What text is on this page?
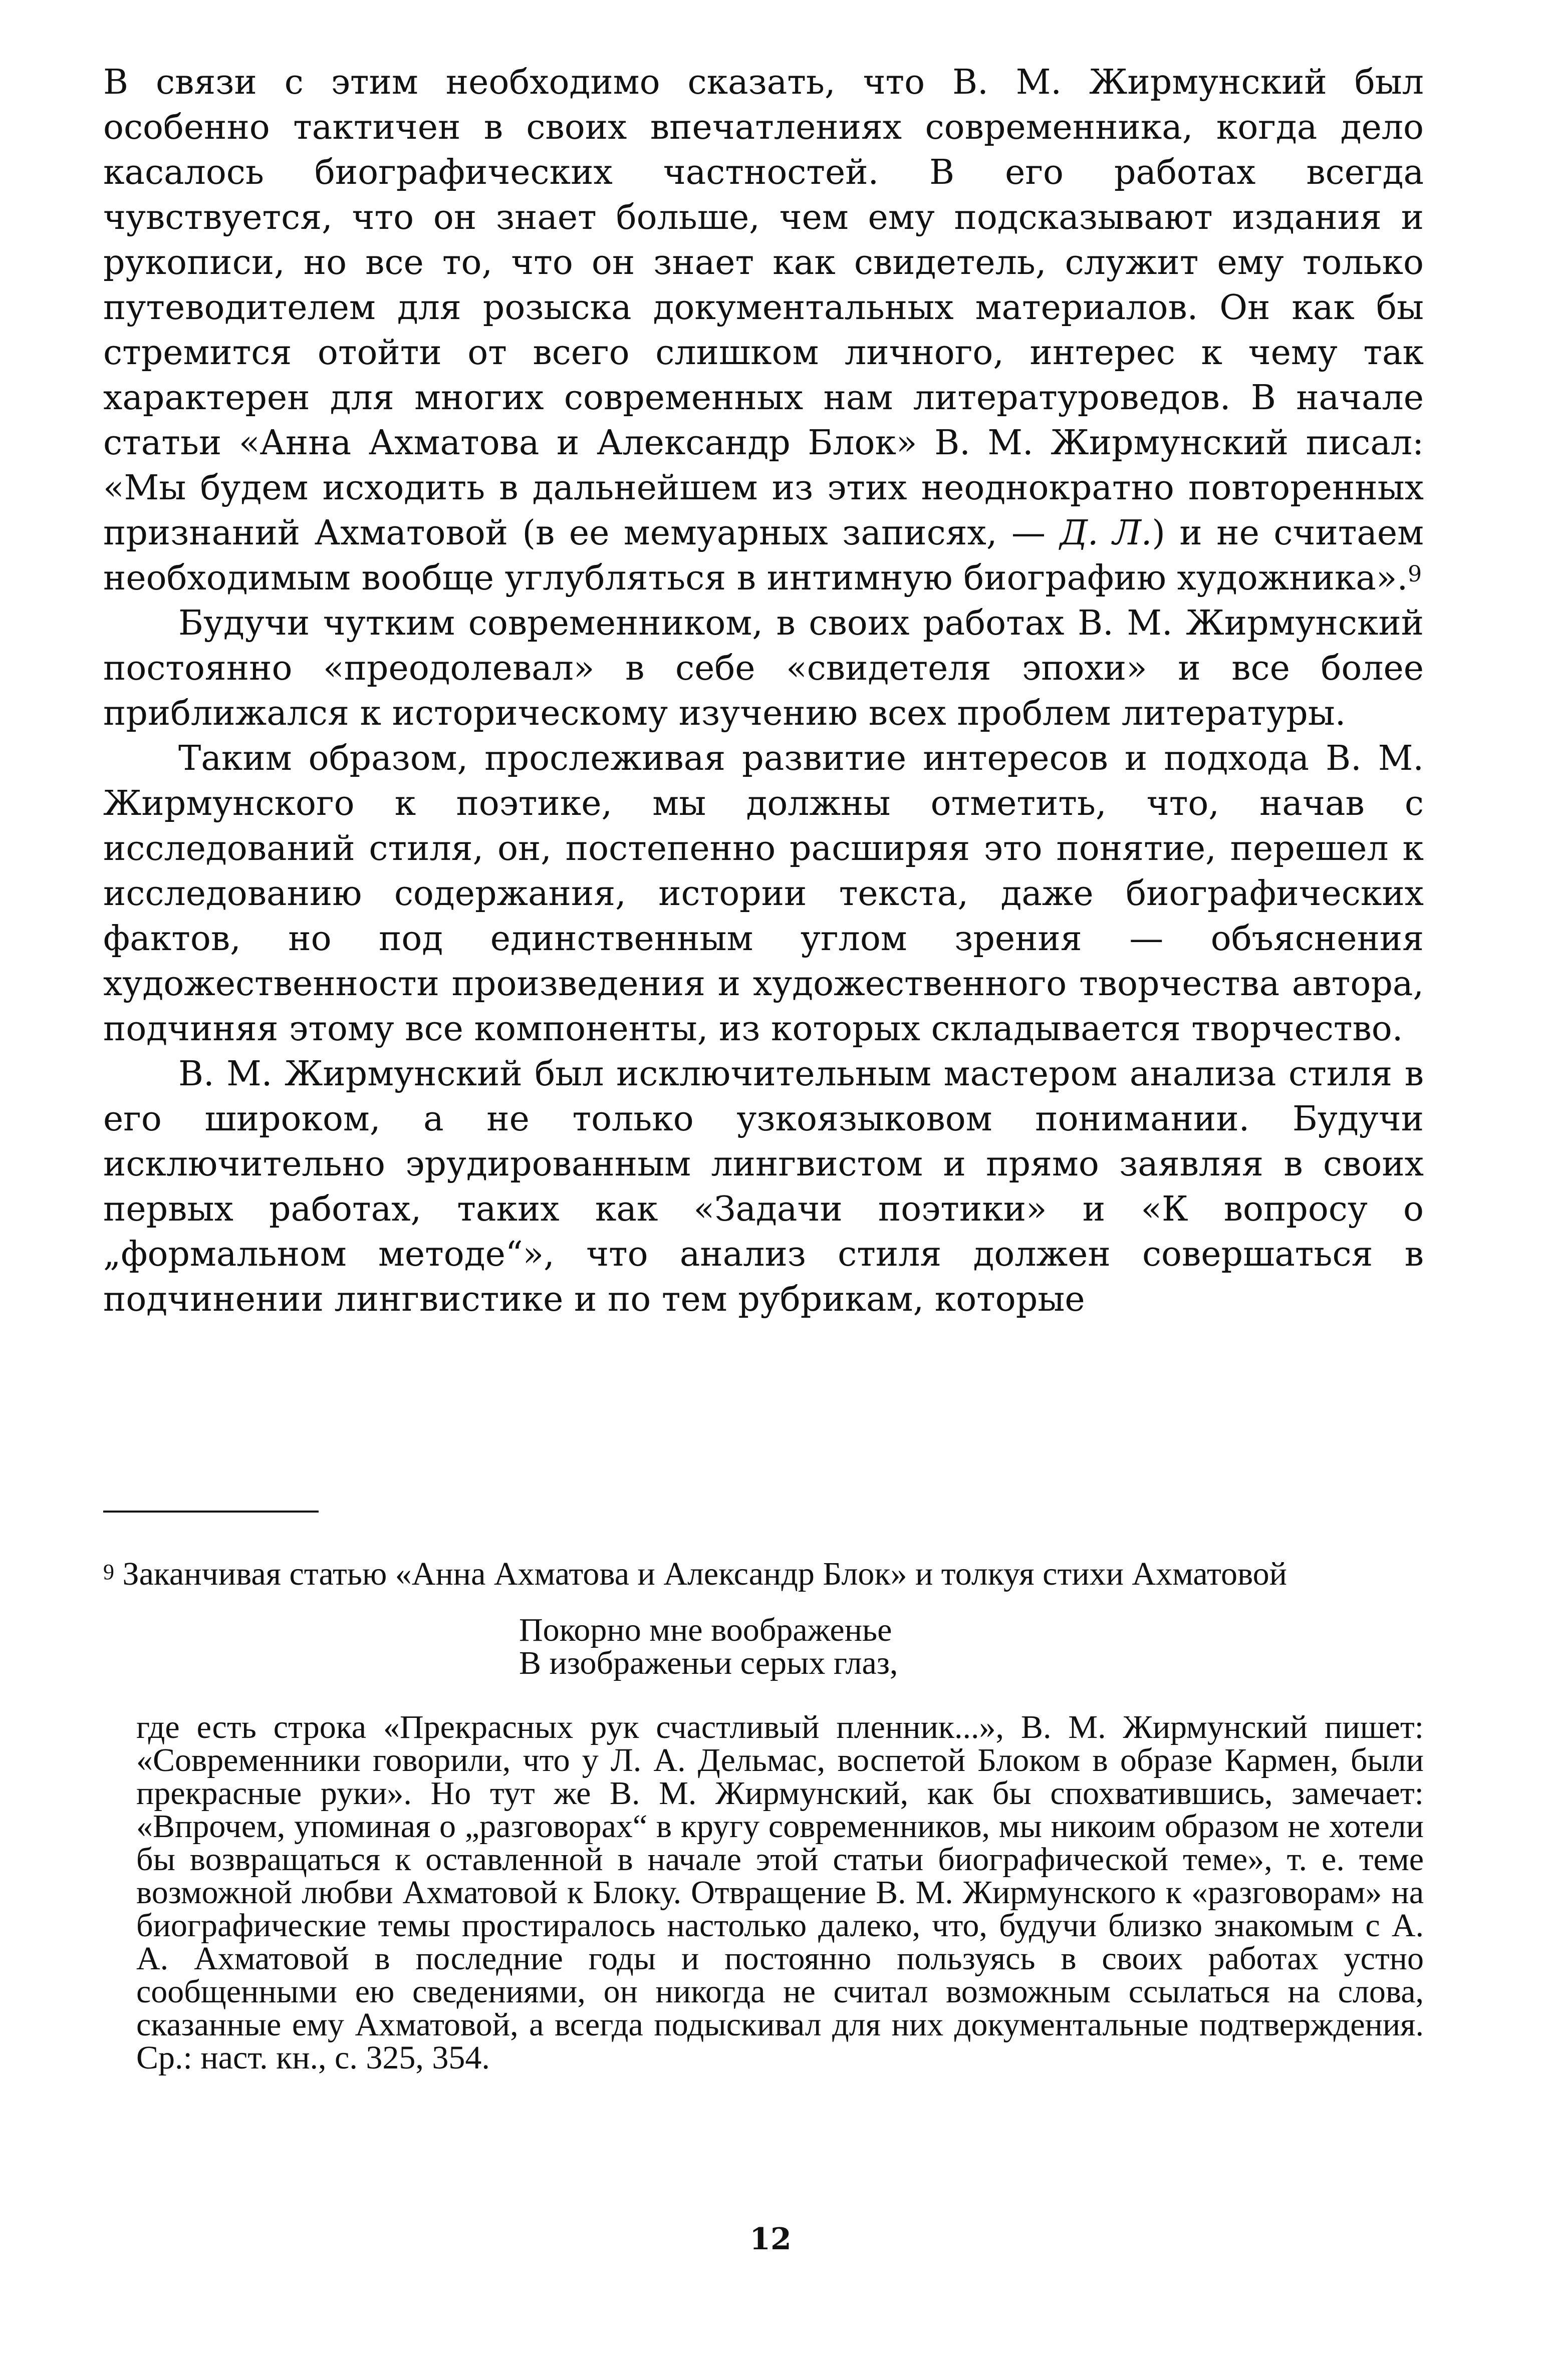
В связи с этим необходимо сказать, что В. М. Жирмунский был особенно тактичен в своих впечатлениях современника, когда дело касалось биографических частностей. В его работах всегда чувствуется, что он знает больше, чем ему подсказывают издания и рукописи, но все то, что он знает как свидетель, служит ему только путеводителем для розыска документальных материалов. Он как бы стремится отойти от всего слишком личного, интерес к чему так характерен для многих современных нам литературоведов. В начале статьи «Анна Ахматова и Александр Блок» В. М. Жирмунский писал: «Мы будем исходить в дальнейшем из этих неоднократно повторенных признаний Ахматовой (в ее мемуарных записях, — Д. Л.) и не считаем необходимым вообще углубляться в интимную биографию художника».$^9$

Будучи чутким современником, в своих работах В. М. Жирмунский постоянно «преодолевал» в себе «свидетеля эпохи» и все более приближался к историческому изучению всех проблем литературы.

Таким образом, прослеживая развитие интересов и подхода В. М. Жирмунского к поэтике, мы должны отметить, что, начав с исследований стиля, он, постепенно расширяя это понятие, перешел к исследованию содержания, истории текста, даже биографических фактов, но под единственным углом зрения — объяснения художественности произведения и художественного творчества автора, подчиняя этому все компоненты, из которых складывается творчество.

В. М. Жирмунский был исключительным мастером анализа стиля в его широком, а не только узкоязыковом понимании. Будучи исключительно эрудированным лингвистом и прямо заявляя в своих первых работах, таких как «Задачи поэтики» и «К вопросу о „формальном методе“», что анализ стиля должен совершаться в подчинении лингвистике и по тем рубрикам, которые

$^9$ Заканчивая статью «Анна Ахматова и Александр Блок» и толкуя стихи Ахматовой

Покорно мне воображенье
В изображеньи серых глаз,

где есть строка «Прекрасных рук счастливый пленник...», В. М. Жирмунский пишет: «Современники говорили, что у Л. А. Дельмас, воспетой Блоком в образе Кармен, были прекрасные руки». Но тут же В. М. Жирмунский, как бы спохватившись, замечает: «Впрочем, упоминая о „разговорах“ в кругу современников, мы никоим образом не хотели бы возвращаться к оставленной в начале этой статьи биографической теме», т. е. теме возможной любви Ахматовой к Блоку. Отвращение В. М. Жирмунского к «разговорам» на биографические темы простиралось настолько далеко, что, будучи близко знакомым с А. А. Ахматовой в последние годы и постоянно пользуясь в своих работах устно сообщенными ею сведениями, он никогда не считал возможным ссылаться на слова, сказанные ему Ахматовой, а всегда подыскивал для них документальные подтверждения. Ср.: наст. кн., с. 325, 354.

12
